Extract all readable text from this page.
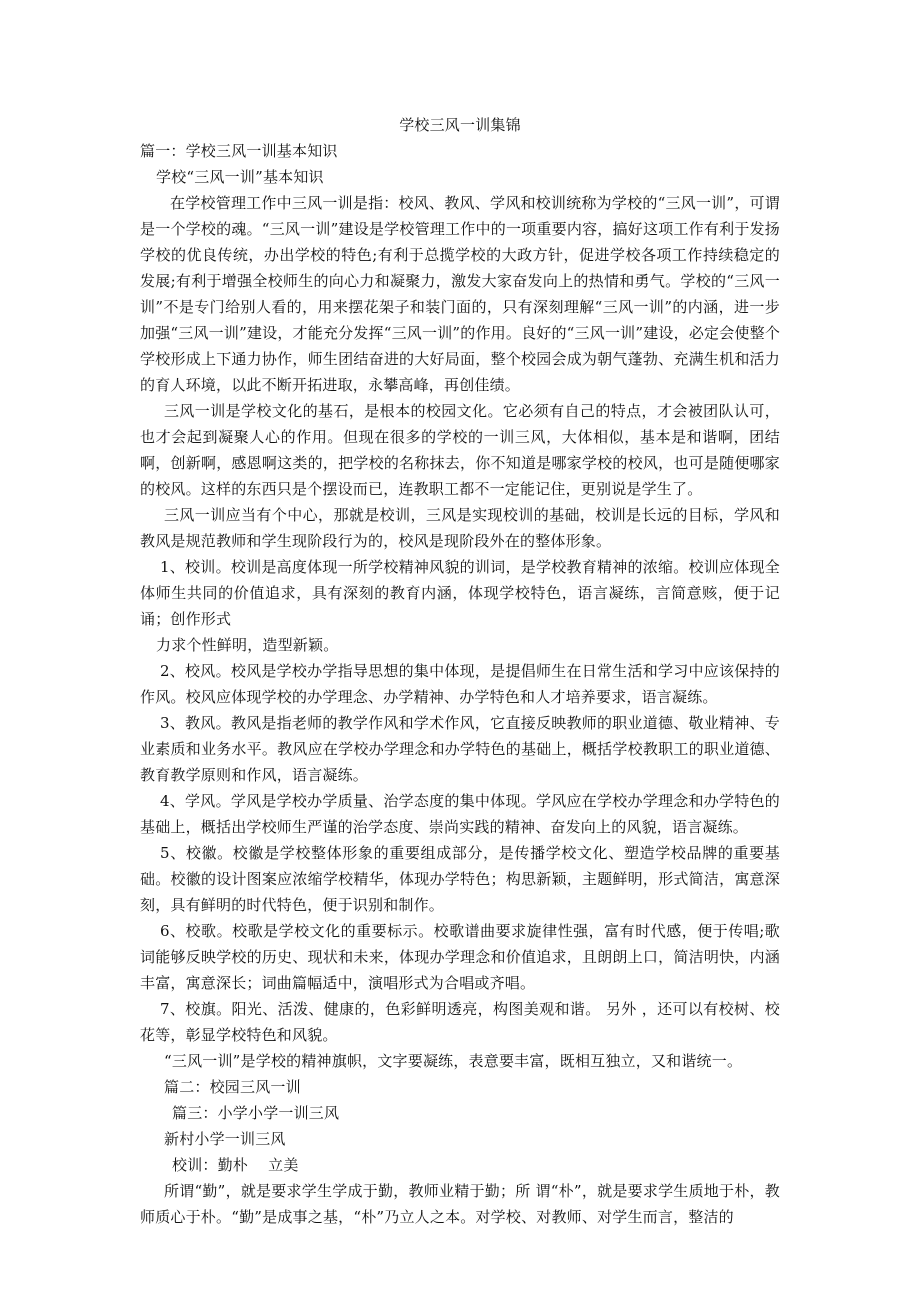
学校三风一训集锦

篇一：学校三风一训基本知识

学校“三风一训”基本知识

在学校管理工作中三风一训是指：校风、教风、学风和校训统称为学校的“三风一训”，可谓是一个学校的魂。“三风一训”建设是学校管理工作中的一项重要内容，搞好这项工作有利于发扬学校的优良传统，办出学校的特色;有利于总揽学校的大政方针，促进学校各项工作持续稳定的发展;有利于增强全校师生的向心力和凝聚力，激发大家奋发向上的热情和勇气。学校的“三风一训”不是专门给别人看的，用来摆花架子和装门面的，只有深刻理解“三风一训”的内涵，进一步加强“三风一训”建设，才能充分发挥“三风一训”的作用。良好的“三风一训”建设，必定会使整个学校形成上下通力协作，师生团结奋进的大好局面，整个校园会成为朝气蓬勃、充满生机和活力的育人环境，以此不断开拓进取，永攀高峰，再创佳绩。

三风一训是学校文化的基石，是根本的校园文化。它必须有自己的特点，才会被团队认可，也才会起到凝聚人心的作用。但现在很多的学校的一训三风，大体相似，基本是和谐啊，团结啊，创新啊，感恩啊这类的，把学校的名称抹去，你不知道是哪家学校的校风，也可是随便哪家的校风。这样的东西只是个摆设而已，连教职工都不一定能记住，更别说是学生了。

三风一训应当有个中心，那就是校训，三风是实现校训的基础，校训是长远的目标，学风和教风是规范教师和学生现阶段行为的，校风是现阶段外在的整体形象。

1、校训。校训是高度体现一所学校精神风貌的训词，是学校教育精神的浓缩。校训应体现全体师生共同的价值追求，具有深刻的教育内涵，体现学校特色，语言凝练，言简意赅，便于记诵；创作形式

力求个性鲜明，造型新颖。

2、校风。校风是学校办学指导思想的集中体现，是提倡师生在日常生活和学习中应该保持的作风。校风应体现学校的办学理念、办学精神、办学特色和人才培养要求，语言凝练。

3、教风。教风是指老师的教学作风和学术作风，它直接反映教师的职业道德、敬业精神、专业素质和业务水平。教风应在学校办学理念和办学特色的基础上，概括学校教职工的职业道德、教育教学原则和作风，语言凝练。

4、学风。学风是学校办学质量、治学态度的集中体现。学风应在学校办学理念和办学特色的基础上，概括出学校师生严谨的治学态度、崇尚实践的精神、奋发向上的风貌，语言凝练。

5、校徽。校徽是学校整体形象的重要组成部分，是传播学校文化、塑造学校品牌的重要基础。校徽的设计图案应浓缩学校精华，体现办学特色；构思新颖，主题鲜明，形式简洁，寓意深刻，具有鲜明的时代特色，便于识别和制作。

6、校歌。校歌是学校文化的重要标示。校歌谱曲要求旋律性强，富有时代感，便于传唱;歌词能够反映学校的历史、现状和未来，体现办学理念和价值追求，且朗朗上口，简洁明快，内涵丰富，寓意深长；词曲篇幅适中，演唱形式为合唱或齐唱。

7、校旗。阳光、活泼、健康的，色彩鲜明透亮，构图美观和谐。 另外 ，还可以有校树、校花等，彰显学校特色和风貌。

“三风一训”是学校的精神旗帜，文字要凝练，表意要丰富，既相互独立，又和谐统一。

篇二：校园三风一训

篇三：小学小学一训三风

新村小学一训三风

校训：勤朴　 立美

所谓“勤”，就是要求学生学成于勤，教师业精于勤；所 谓“朴”，就是要求学生质地于朴，教师质心于朴。“勤”是成事之基，“朴”乃立人之本。对学校、对教师、对学生而言，整洁的
